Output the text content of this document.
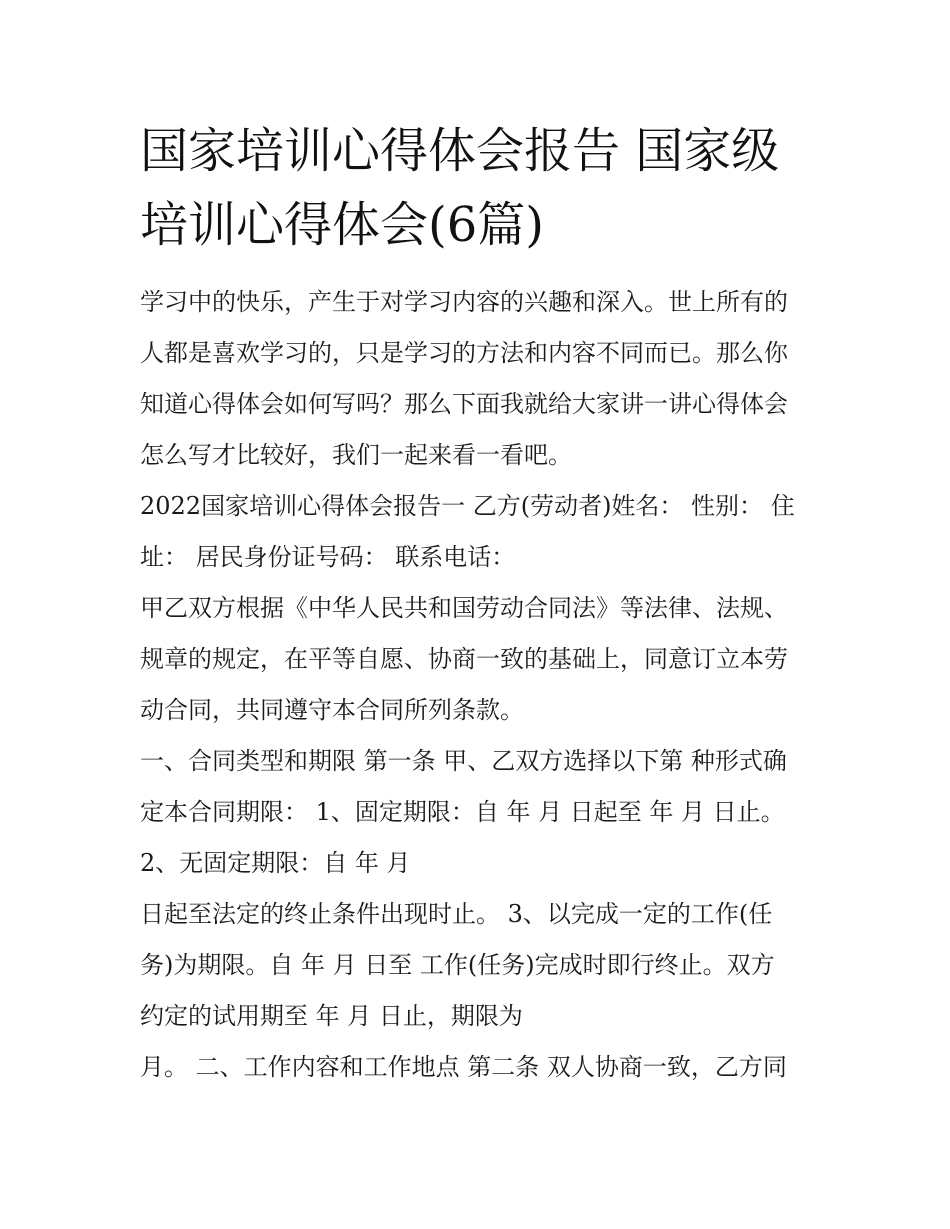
国家培训心得体会报告 国家级
培训心得体会(6篇)
学习中的快乐，产生于对学习内容的兴趣和深入。世上所有的
人都是喜欢学习的，只是学习的方法和内容不同而已。那么你
知道心得体会如何写吗？那么下面我就给大家讲一讲心得体会
怎么写才比较好，我们一起来看一看吧。
2022国家培训心得体会报告一 乙方(劳动者)姓名： 性别： 住
址： 居民身份证号码： 联系电话：
甲乙双方根据《中华人民共和国劳动合同法》等法律、法规、
规章的规定，在平等自愿、协商一致的基础上，同意订立本劳
动合同，共同遵守本合同所列条款。
一、合同类型和期限 第一条 甲、乙双方选择以下第 种形式确
定本合同期限： 1、固定期限：自 年 月 日起至 年 月 日止。
2、无固定期限：自 年 月
日起至法定的终止条件出现时止。 3、以完成一定的工作(任
务)为期限。自 年 月 日至 工作(任务)完成时即行终止。双方
约定的试用期至 年 月 日止，期限为
月。 二、工作内容和工作地点 第二条 双人协商一致，乙方同
